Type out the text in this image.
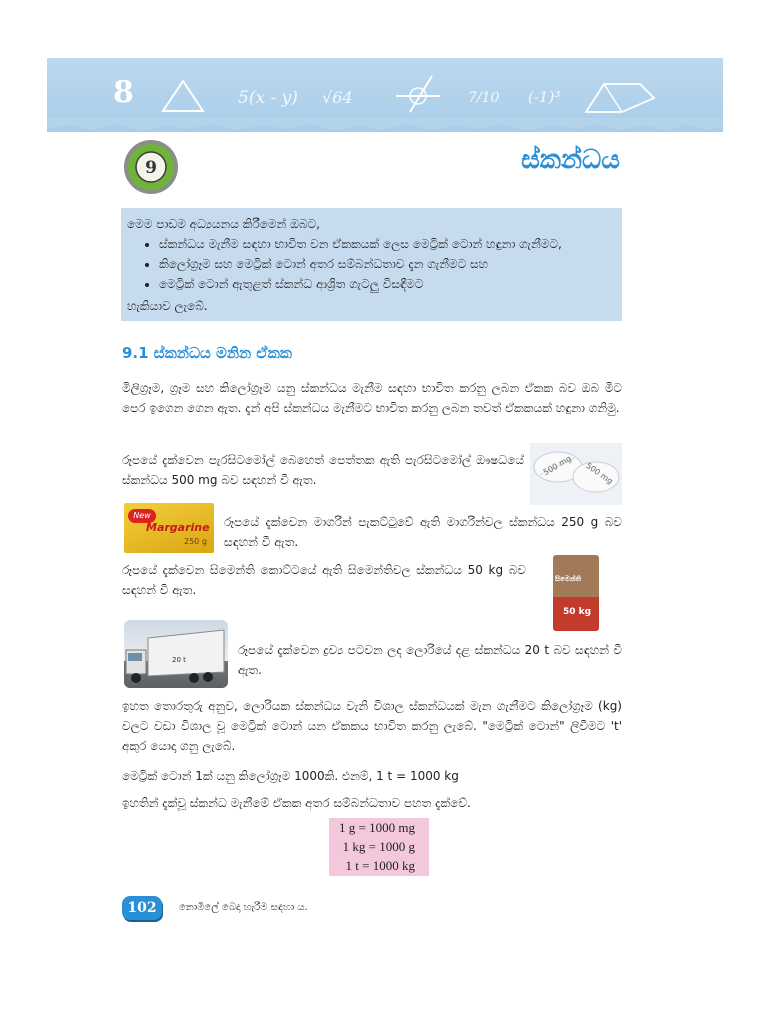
8	5(x - y) √64	7/10 (-1)³
9	ස්කන්ධය
මෙම පාඩම අධ්‍යයනය කිරීමෙන් ඔබට,
• ස්කන්ධය මැනීම සඳහා භාවිත වන ඒකකයක් ලෙස මෙට්‍රික් ටොන් හඳුනා ගැනීමට,
• කිලෝග්‍රෑම සහ මෙට්‍රික් ටොන් අතර සම්බන්ධතාව දැන ගැනීමට සහ
• මෙට්‍රික් ටොන් ඇතුළත් ස්කන්ධ ආශ්‍රිත ගැටලු විසඳීමට
හැකියාව ලැබේ.
9.1 ස්කන්ධය මනින ඒකක
මිලිග්‍රෑම, ග්‍රෑම සහ කිලෝග්‍රෑම යනු ස්කන්ධය මැනීම සඳහා භාවිත කරනු ලබන ඒකක බව ඔබ මීට පෙර ඉගෙන ගෙන ඇත. දැන් අපි ස්කන්ධය මැනීමට භාවිත කරනු ලබන තවත් ඒකකයක් හඳුනා ගනිමු.
රූපයේ දැක්වෙන පැරසිටමෝල් බෙහෙත් පෙත්තක ඇති පැරසිටමෝල් ඖෂධයේ ස්කන්ධය 500 mg බව සඳහන් වී ඇත.
500 mg 500 mg
New
Margarine
250 g
රූපයේ දැක්වෙන මාගරින් පැකට්ටුවේ ඇති මාගරින්වල ස්කන්ධය 250 g බව සඳහන් වී ඇත.
රූපයේ දැක්වෙන සිමෙන්ති කොට්ටයේ ඇති සිමෙන්තිවල ස්කන්ධය 50 kg බව සඳහන් වී ඇත.
සිමෙන්ති
50 kg
20 t
රූපයේ දැක්වෙන ද්‍රව්‍ය පටවන ලද ලොරියේ දළ ස්කන්ධය 20 t බව සඳහන් වී ඇත.
ඉහත තොරතුරු අනුව, ලොරියක ස්කන්ධය වැනි විශාල ස්කන්ධයක් මැන ගැනීමට කිලෝග්‍රෑම (kg) වලට වඩා විශාල වූ මෙට්‍රික් ටොන් යන ඒකකය භාවිත කරනු ලැබේ. "මෙට්‍රික් ටොන්" ලිවීමට 't' අකුර යොදා ගනු ලැබේ.
මෙට්‍රික් ටොන් 1ක් යනු කිලෝග්‍රෑම 1000කි. එනම්, 1 t = 1000 kg
ඉහතින් දැක්වූ ස්කන්ධ මැනීමේ ඒකක අතර සම්බන්ධතාව පහත දැක්වේ.
1 g = 1000 mg
1 kg = 1000 g
1 t = 1000 kg
102	නොමිලේ බෙදා හැරීම සඳහා ය.
